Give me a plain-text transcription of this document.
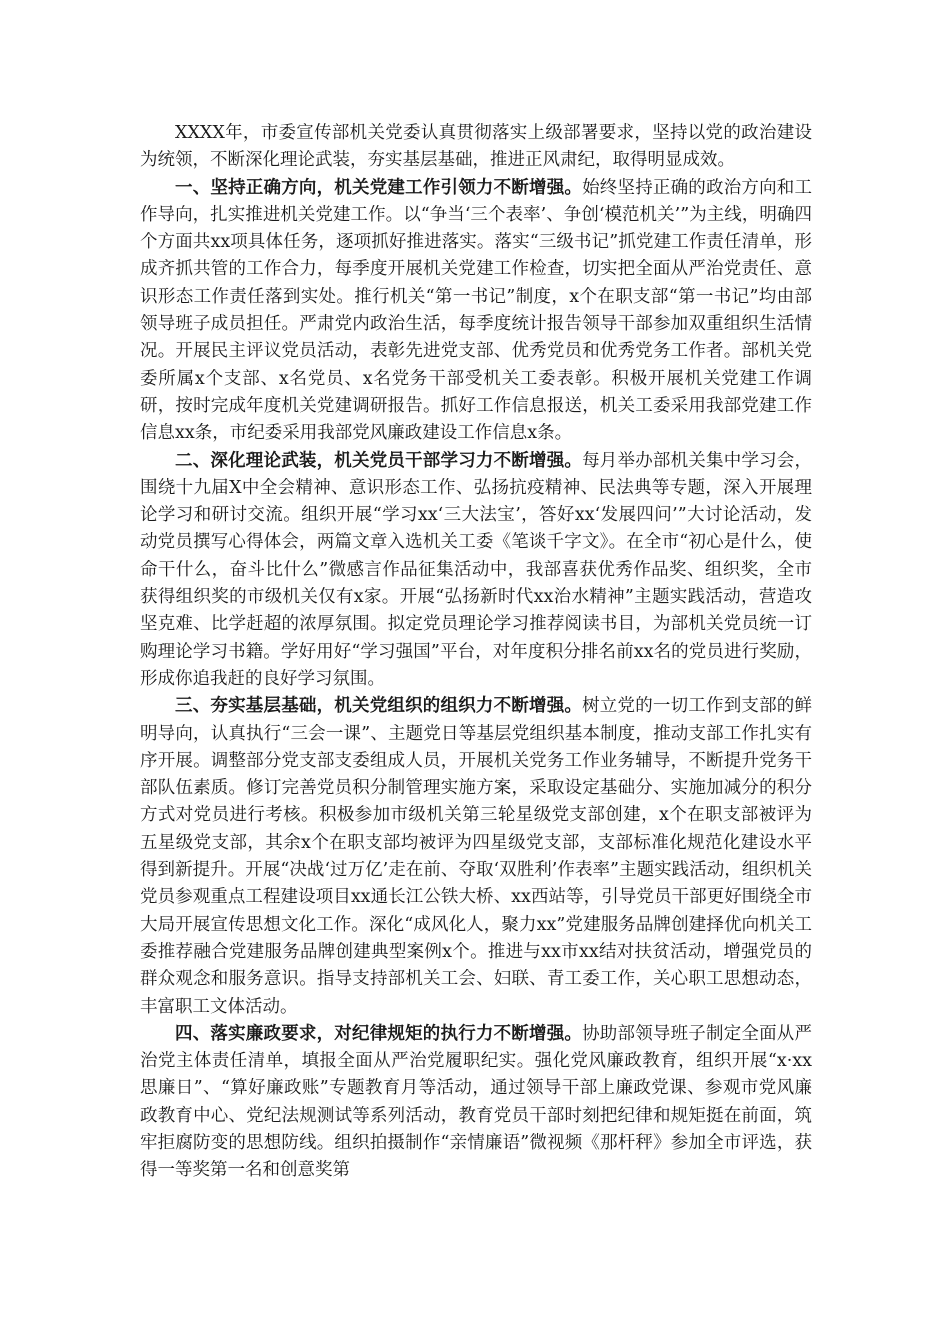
XXXX年，市委宣传部机关党委认真贯彻落实上级部署要求，坚持以党的政治建设为统领，不断深化理论武装，夯实基层基础，推进正风肃纪，取得明显成效。

一、坚持正确方向，机关党建工作引领力不断增强。始终坚持正确的政治方向和工作导向，扎实推进机关党建工作。以“争当‘三个表率’、争创‘模范机关’”为主线，明确四个方面共xx项具体任务，逐项抓好推进落实。落实“三级书记”抓党建工作责任清单，形成齐抓共管的工作合力，每季度开展机关党建工作检查，切实把全面从严治党责任、意识形态工作责任落到实处。推行机关“第一书记”制度，x个在职支部“第一书记”均由部领导班子成员担任。严肃党内政治生活，每季度统计报告领导干部参加双重组织生活情况。开展民主评议党员活动，表彰先进党支部、优秀党员和优秀党务工作者。部机关党委所属x个支部、x名党员、x名党务干部受机关工委表彰。积极开展机关党建工作调研，按时完成年度机关党建调研报告。抓好工作信息报送，机关工委采用我部党建工作信息xx条，市纪委采用我部党风廉政建设工作信息x条。

二、深化理论武装，机关党员干部学习力不断增强。每月举办部机关集中学习会，围绕十九届X中全会精神、意识形态工作、弘扬抗疫精神、民法典等专题，深入开展理论学习和研讨交流。组织开展“学习xx‘三大法宝’，答好xx‘发展四问’”大讨论活动，发动党员撰写心得体会，两篇文章入选机关工委《笔谈千字文》。在全市“初心是什么，使命干什么，奋斗比什么”微感言作品征集活动中，我部喜获优秀作品奖、组织奖，全市获得组织奖的市级机关仅有x家。开展“弘扬新时代xx治水精神”主题实践活动，营造攻坚克难、比学赶超的浓厚氛围。拟定党员理论学习推荐阅读书目，为部机关党员统一订购理论学习书籍。学好用好“学习强国”平台，对年度积分排名前xx名的党员进行奖励，形成你追我赶的良好学习氛围。

三、夯实基层基础，机关党组织的组织力不断增强。树立党的一切工作到支部的鲜明导向，认真执行“三会一课”、主题党日等基层党组织基本制度，推动支部工作扎实有序开展。调整部分党支部支委组成人员，开展机关党务工作业务辅导，不断提升党务干部队伍素质。修订完善党员积分制管理实施方案，采取设定基础分、实施加减分的积分方式对党员进行考核。积极参加市级机关第三轮星级党支部创建，x个在职支部被评为五星级党支部，其余x个在职支部均被评为四星级党支部，支部标准化规范化建设水平得到新提升。开展“决战‘过万亿’走在前、夺取‘双胜利’作表率”主题实践活动，组织机关党员参观重点工程建设项目xx通长江公铁大桥、xx西站等，引导党员干部更好围绕全市大局开展宣传思想文化工作。深化“成风化人，聚力xx”党建服务品牌创建择优向机关工委推荐融合党建服务品牌创建典型案例x个。推进与xx市xx结对扶贫活动，增强党员的群众观念和服务意识。指导支持部机关工会、妇联、青工委工作，关心职工思想动态，丰富职工文体活动。

四、落实廉政要求，对纪律规矩的执行力不断增强。协助部领导班子制定全面从严治党主体责任清单，填报全面从严治党履职纪实。强化党风廉政教育，组织开展“x·xx思廉日”、“算好廉政账”专题教育月等活动，通过领导干部上廉政党课、参观市党风廉政教育中心、党纪法规测试等系列活动，教育党员干部时刻把纪律和规矩挺在前面，筑牢拒腐防变的思想防线。组织拍摄制作“亲情廉语”微视频《那杆秤》参加全市评选，获得一等奖第一名和创意奖第
